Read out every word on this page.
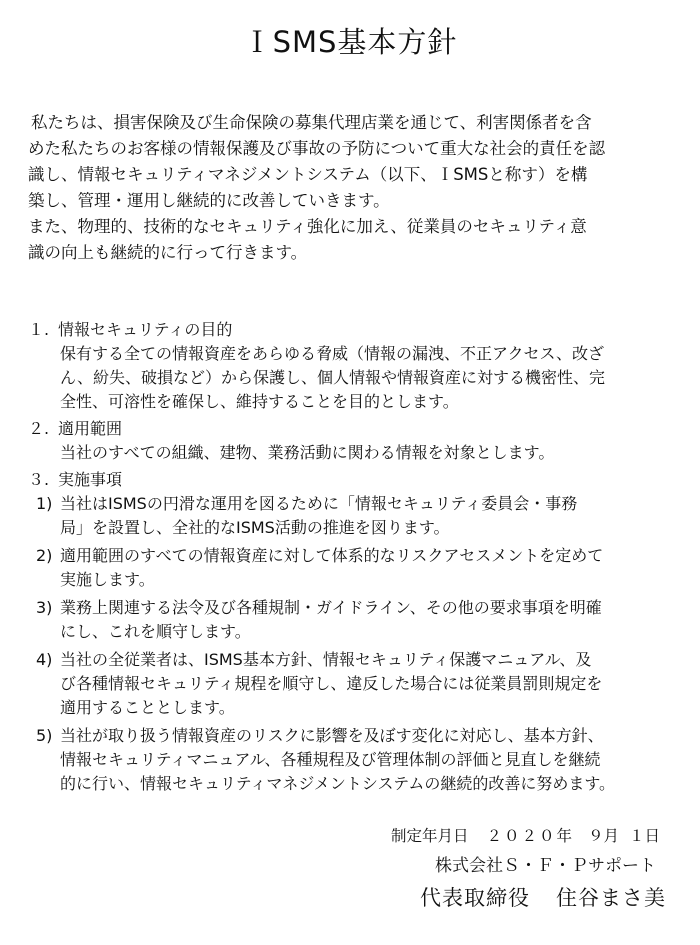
ＩSMS基本方針
私たちは、損害保険及び生命保険の募集代理店業を通じて、利害関係者を含
めた私たちのお客様の情報保護及び事故の予防について重大な社会的責任を認
識し、情報セキュリティマネジメントシステム（以下、ＩSMSと称す）を構
築し、管理・運用し継続的に改善していきます。
また、物理的、技術的なセキュリティ強化に加え、従業員のセキュリティ意
識の向上も継続的に行って行きます。
１. 情報セキュリティの目的
保有する全ての情報資産をあらゆる脅威（情報の漏洩、不正アクセス、改ざ
ん、紛失、破損など）から保護し、個人情報や情報資産に対する機密性、完
全性、可溶性を確保し、維持することを目的とします。
２. 適用範囲
当社のすべての組織、建物、業務活動に関わる情報を対象とします。
３. 実施事項
1) 当社はISMSの円滑な運用を図るために「情報セキュリティ委員会・事務
局」を設置し、全社的なISMS活動の推進を図ります。
2) 適用範囲のすべての情報資産に対して体系的なリスクアセスメントを定めて
実施します。
3) 業務上関連する法令及び各種規制・ガイドライン、その他の要求事項を明確
にし、これを順守します。
4) 当社の全従業者は、ISMS基本方針、情報セキュリティ保護マニュアル、及
び各種情報セキュリティ規程を順守し、違反した場合には従業員罰則規定を
適用することとします。
5) 当社が取り扱う情報資産のリスクに影響を及ぼす変化に対応し、基本方針、
情報セキュリティマニュアル、各種規程及び管理体制の評価と見直しを継続
的に行い、情報セキュリティマネジメントシステムの継続的改善に努めます。
制定年月日 ２０２０年 ９月 １日
株式会社Ｓ・Ｆ・Ｐサポート
代表取締役 住谷まさ美
